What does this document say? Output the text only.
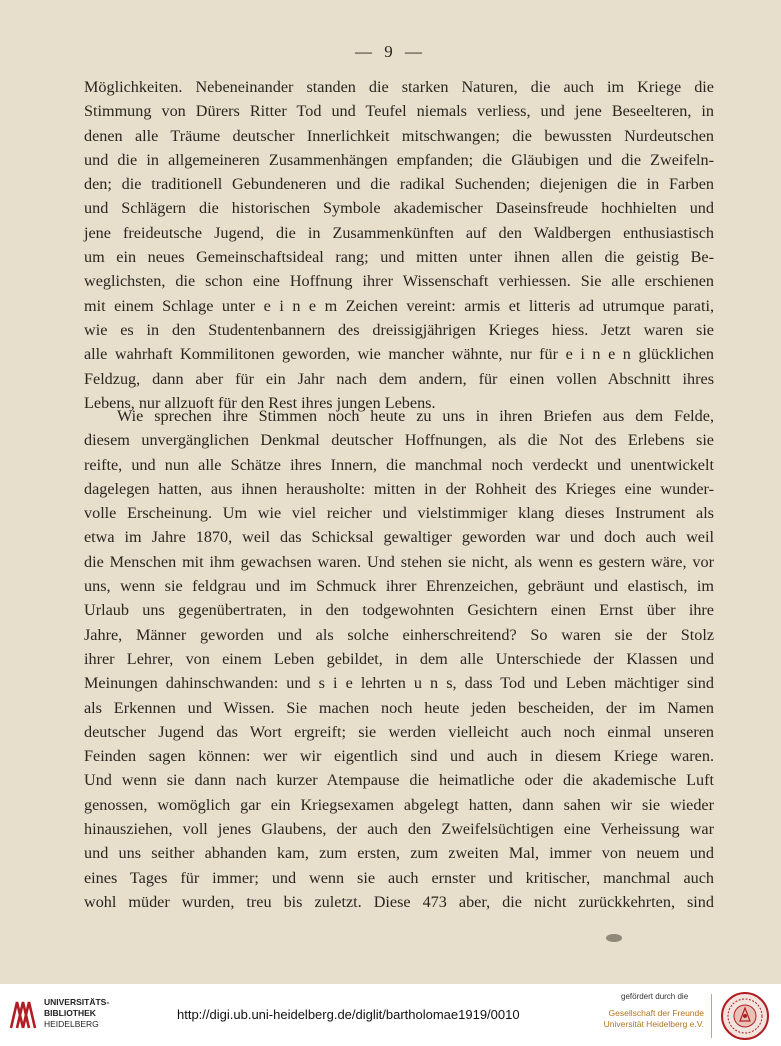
— 9 —
Möglichkeiten. Nebeneinander standen die starken Naturen, die auch im Kriege die
Stimmung von Dürers Ritter Tod und Teufel niemals verliess, und jene Beseelteren, in
denen alle Träume deutscher Innerlichkeit mitschwangen; die bewussten Nurdeutschen
und die in allgemeineren Zusammenhängen empfanden; die Gläubigen und die Zweifeln-
den; die traditionell Gebundeneren und die radikal Suchenden; diejenigen die in Farben
und Schlägern die historischen Symbole akademischer Daseinsfreude hochhielten und
jene freideutsche Jugend, die in Zusammenkünften auf den Waldbergen enthusiastisch
um ein neues Gemeinschaftsideal rang; und mitten unter ihnen allen die geistig Be-
weglichsten, die schon eine Hoffnung ihrer Wissenschaft verhiessen. Sie alle erschienen
mit einem Schlage unter e i n e m Zeichen vereint: armis et litteris ad utrumque parati,
wie es in den Studentenbannern des dreissigjährigen Krieges hiess. Jetzt waren sie
alle wahrhaft Kommilitonen geworden, wie mancher wähnte, nur für e i n e n glücklichen
Feldzug, dann aber für ein Jahr nach dem andern, für einen vollen Abschnitt ihres
Lebens, nur allzuoft für den Rest ihres jungen Lebens.
Wie sprechen ihre Stimmen noch heute zu uns in ihren Briefen aus dem Felde,
diesem unvergänglichen Denkmal deutscher Hoffnungen, als die Not des Erlebens sie
reifte, und nun alle Schätze ihres Innern, die manchmal noch verdeckt und unentwickelt
dagelegen hatten, aus ihnen herausholte: mitten in der Rohheit des Krieges eine wunder-
volle Erscheinung. Um wie viel reicher und vielstimmiger klang dieses Instrument als
etwa im Jahre 1870, weil das Schicksal gewaltiger geworden war und doch auch weil
die Menschen mit ihm gewachsen waren. Und stehen sie nicht, als wenn es gestern wäre, vor
uns, wenn sie feldgrau und im Schmuck ihrer Ehrenzeichen, gebräunt und elastisch, im
Urlaub uns gegenübertraten, in den todgewohnten Gesichtern einen Ernst über ihre
Jahre, Männer geworden und als solche einherschreitend? So waren sie der Stolz
ihrer Lehrer, von einem Leben gebildet, in dem alle Unterschiede der Klassen und
Meinungen dahinschwanden: und s i e lehrten u n s, dass Tod und Leben mächtiger sind
als Erkennen und Wissen. Sie machen noch heute jeden bescheiden, der im Namen
deutscher Jugend das Wort ergreift; sie werden vielleicht auch noch einmal unseren
Feinden sagen können: wer wir eigentlich sind und auch in diesem Kriege waren.
Und wenn sie dann nach kurzer Atempause die heimatliche oder die akademische Luft
genossen, womöglich gar ein Kriegsexamen abgelegt hatten, dann sahen wir sie wieder
hinausziehen, voll jenes Glaubens, der auch den Zweifelsüchtigen eine Verheissung war
und uns seither abhanden kam, zum ersten, zum zweiten Mal, immer von neuem und
eines Tages für immer; und wenn sie auch ernster und kritischer, manchmal auch
wohl müder wurden, treu bis zuletzt. Diese 473 aber, die nicht zurückkehrten, sind
UNIVERSITÄTS-
BIBLIOTHEK
HEIDELBERG
http://digi.ub.uni-heidelberg.de/diglit/bartholomae1919/0010
gefördert durch die
Gesellschaft der Freunde
Universität Heidelberg e.V.
